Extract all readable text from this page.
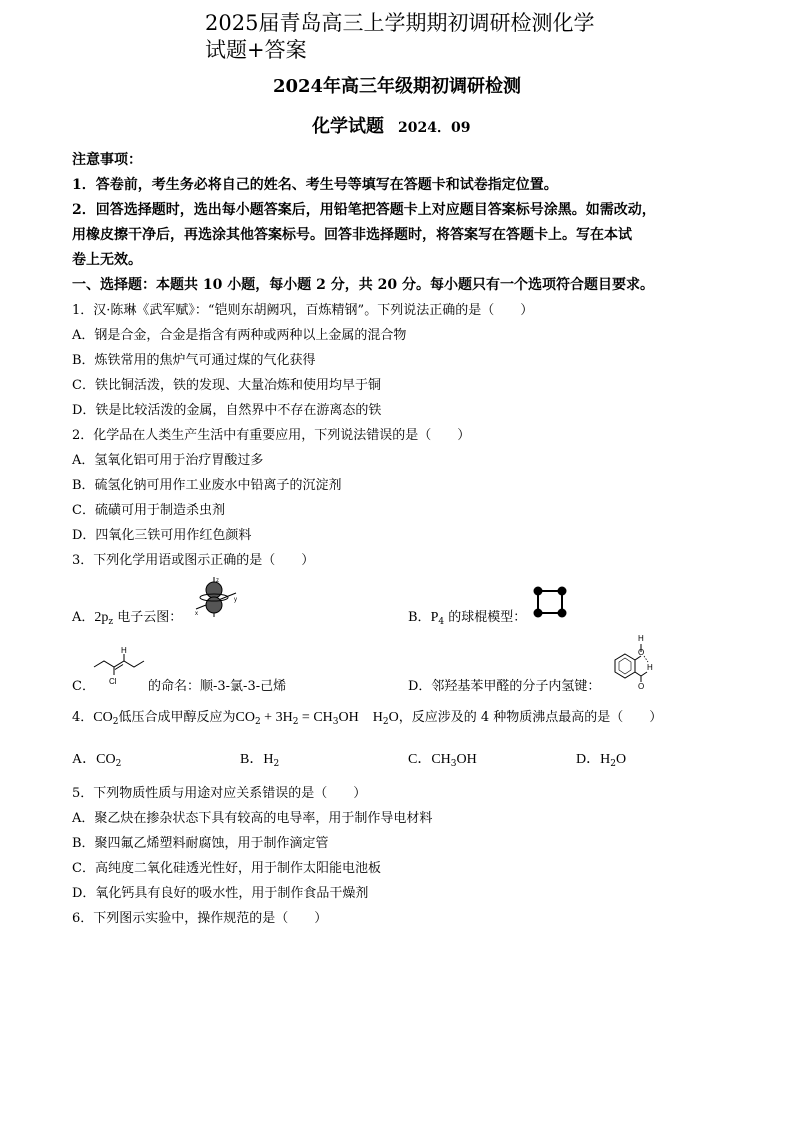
2025届青岛高三上学期期初调研检测化学试题+答案
2024年高三年级期初调研检测
化学试题 2024．09
注意事项：
1．答卷前，考生务必将自己的姓名、考生号等填写在答题卡和试卷指定位置。
2．回答选择题时，选出每小题答案后，用铅笔把答题卡上对应题目答案标号涂黑。如需改动，
用橡皮擦干净后，再选涂其他答案标号。回答非选择题时，将答案写在答题卡上。写在本试
卷上无效。
一、选择题：本题共 10 小题，每小题 2 分，共 20 分。每小题只有一个选项符合题目要求。
1．汉·陈琳《武军赋》：“铠则东胡阙巩，百炼精钢”。下列说法正确的是（　　）
A．钢是合金，合金是指含有两种或两种以上金属的混合物
B．炼铁常用的焦炉气可通过煤的气化获得
C．铁比铜活泼，铁的发现、大量冶炼和使用均早于铜
D．铁是比较活泼的金属，自然界中不存在游离态的铁
2．化学品在人类生产生活中有重要应用，下列说法错误的是（　　）
A．氢氧化铝可用于治疗胃酸过多
B．硫氢化钠可用作工业废水中铅离子的沉淀剂
C．硫磺可用于制造杀虫剂
D．四氧化三铁可用作红色颜料
3．下列化学用语或图示正确的是（　　）
A．$2p_z$ 电子云图：
z
y
x	B．$P_4$ 的球棍模型：
H
Cl
C．	的命名：顺-3-氯-3-己烯	D．邻羟基苯甲醛的分子内氢键：
H
O
H
O
4．$CO_2$低压合成甲醇反应为$CO_2 + 3H_2 = CH_3OH$　$H_2O$，反应涉及的 4 种物质沸点最高的是（　　）
A．$CO_2$	B．$H_2$	C．$CH_3OH$	D．$H_2O$
5．下列物质性质与用途对应关系错误的是（　　）
A．聚乙炔在掺杂状态下具有较高的电导率，用于制作导电材料
B．聚四氟乙烯塑料耐腐蚀，用于制作滴定管
C．高纯度二氧化硅透光性好，用于制作太阳能电池板
D．氧化钙具有良好的吸水性，用于制作食品干燥剂
6．下列图示实验中，操作规范的是（　　）
